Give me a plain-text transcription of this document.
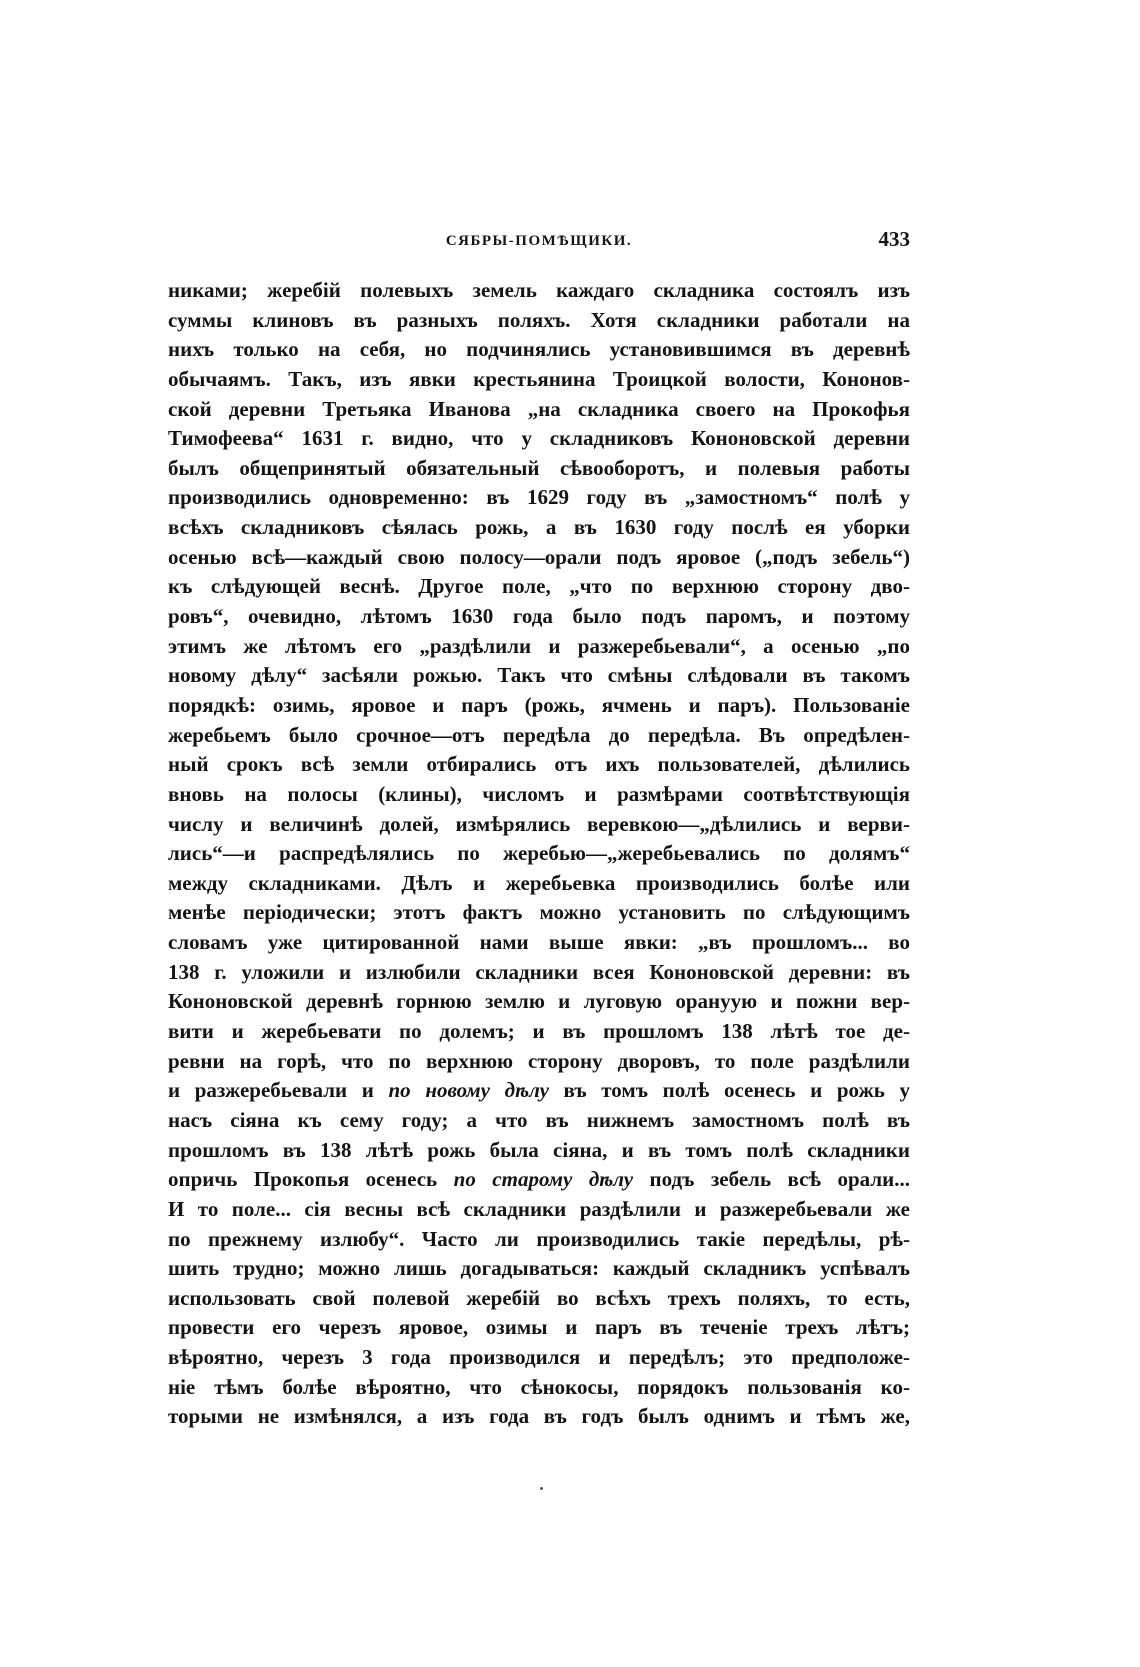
СЯБРЫ-ПОМѢЩИКИ.	433
никами; жеребій полевыхъ земель каждаго складника состоялъ изъ
суммы клиновъ въ разныхъ поляхъ. Хотя складники работали на
нихъ только на себя, но подчинялись установившимся въ деревнѣ
обычаямъ. Такъ, изъ явки крестьянина Троицкой волости, Кононов-
ской деревни Третьяка Иванова „на складника своего на Прокофья
Тимофеева“ 1631 г. видно, что у складниковъ Кононовской деревни
былъ общепринятый обязательный сѣвооборотъ, и полевыя работы
производились одновременно: въ 1629 году въ „замостномъ“ полѣ у
всѣхъ складниковъ сѣялась рожь, а въ 1630 году послѣ ея уборки
осенью всѣ—каждый свою полосу—орали подъ яровое („подъ зебель“)
къ слѣдующей веснѣ. Другое поле, „что по верхнюю сторону дво-
ровъ“, очевидно, лѣтомъ 1630 года было подъ паромъ, и поэтому
этимъ же лѣтомъ его „раздѣлили и разжеребьевали“, а осенью „по
новому дѣлу“ засѣяли рожью. Такъ что смѣны слѣдовали въ такомъ
порядкѣ: озимь, яровое и паръ (рожь, ячмень и паръ). Пользованіе
жеребьемъ было срочное—отъ передѣла до передѣла. Въ опредѣлен-
ный срокъ всѣ земли отбирались отъ ихъ пользователей, дѣлились
вновь на полосы (клины), числомъ и размѣрами соотвѣтствующія
числу и величинѣ долей, измѣрялись веревкою—„дѣлились и верви-
лись“—и распредѣлялись по жеребью—„жеребьевались по долямъ“
между складниками. Дѣлъ и жеребьевка производились болѣе или
менѣе періодически; этотъ фактъ можно установить по слѣдующимъ
словамъ уже цитированной нами выше явки: „въ прошломъ... во
138 г. уложили и излюбили складники всея Кононовской деревни: въ
Кононовской деревнѣ горнюю землю и луговую орануую и пожни вер-
вити и жеребьевати по долемъ; и въ прошломъ 138 лѣтѣ тое де-
ревни на горѣ, что по верхнюю сторону дворовъ, то поле раздѣлили
и разжеребьевали и по новому дѣлу въ томъ полѣ осенесь и рожь у
насъ сіяна къ сему году; а что въ нижнемъ замостномъ полѣ въ
прошломъ въ 138 лѣтѣ рожь была сіяна, и въ томъ полѣ складники
опричь Прокопья осенесь по старому дѣлу подъ зебель всѣ орали...
И то поле... сія весны всѣ складники раздѣлили и разжеребьевали же
по прежнему излюбу“. Часто ли производились такіе передѣлы, рѣ-
шить трудно; можно лишь догадываться: каждый складникъ успѣвалъ
использовать свой полевой жеребій во всѣхъ трехъ поляхъ, то есть,
провести его черезъ яровое, озимы и паръ въ теченіе трехъ лѣтъ;
вѣроятно, черезъ 3 года производился и передѣлъ; это предположе-
ніе тѣмъ болѣе вѣроятно, что сѣнокосы, порядокъ пользованія ко-
торыми не измѣнялся, а изъ года въ годъ былъ однимъ и тѣмъ же,
